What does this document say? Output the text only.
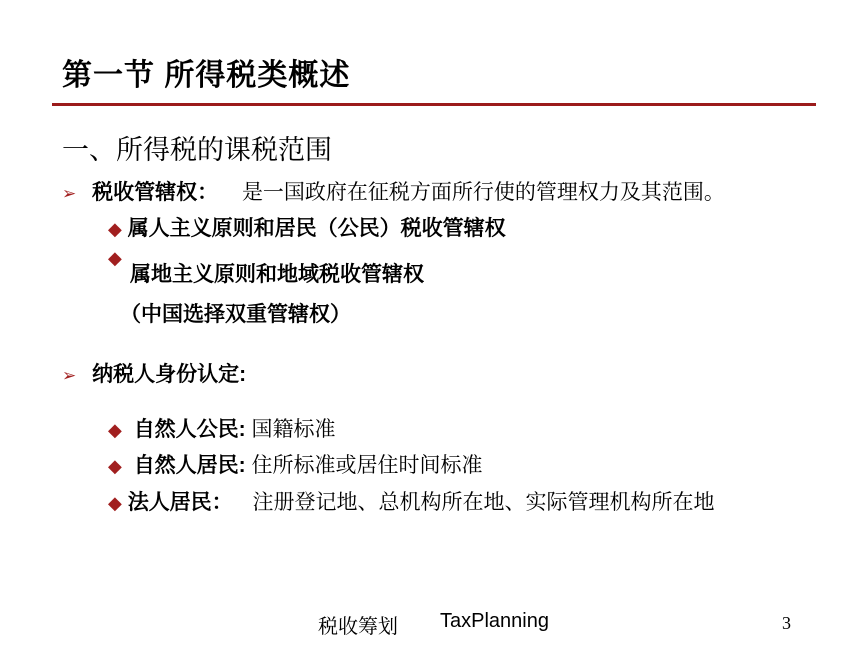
第一节 所得税类概述
一、所得税的课税范围
➢ 税收管辖权： 是一国政府在征税方面所行使的管理权力及其范围。
◆ 属人主义原则和居民（公民）税收管辖权
◆
属地主义原则和地域税收管辖权
（中国选择双重管辖权）
➢ 纳税人身份认定:
◆ 自然人公民: 国籍标准
◆ 自然人居民: 住所标准或居住时间标准
◆ 法人居民： 注册登记地、总机构所在地、实际管理机构所在地
税收筹划 TaxPlanning	3
